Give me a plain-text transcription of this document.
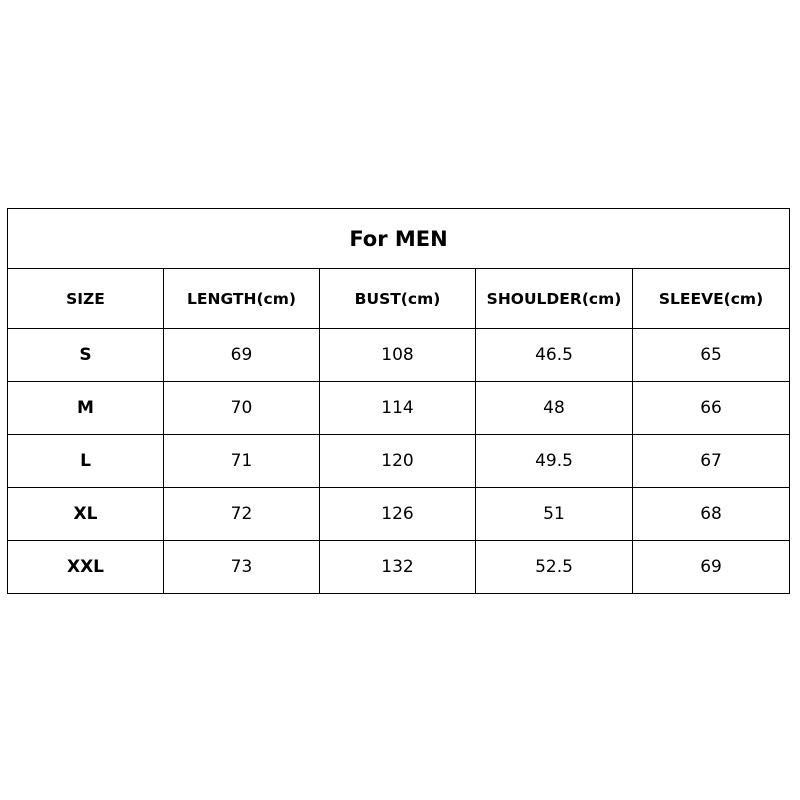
For MEN				
SIZE	LENGTH(cm)	BUST(cm)	SHOULDER(cm)	SLEEVE(cm)
S	69	108	46.5	65
M	70	114	48	66
L	71	120	49.5	67
XL	72	126	51	68
XXL	73	132	52.5	69
